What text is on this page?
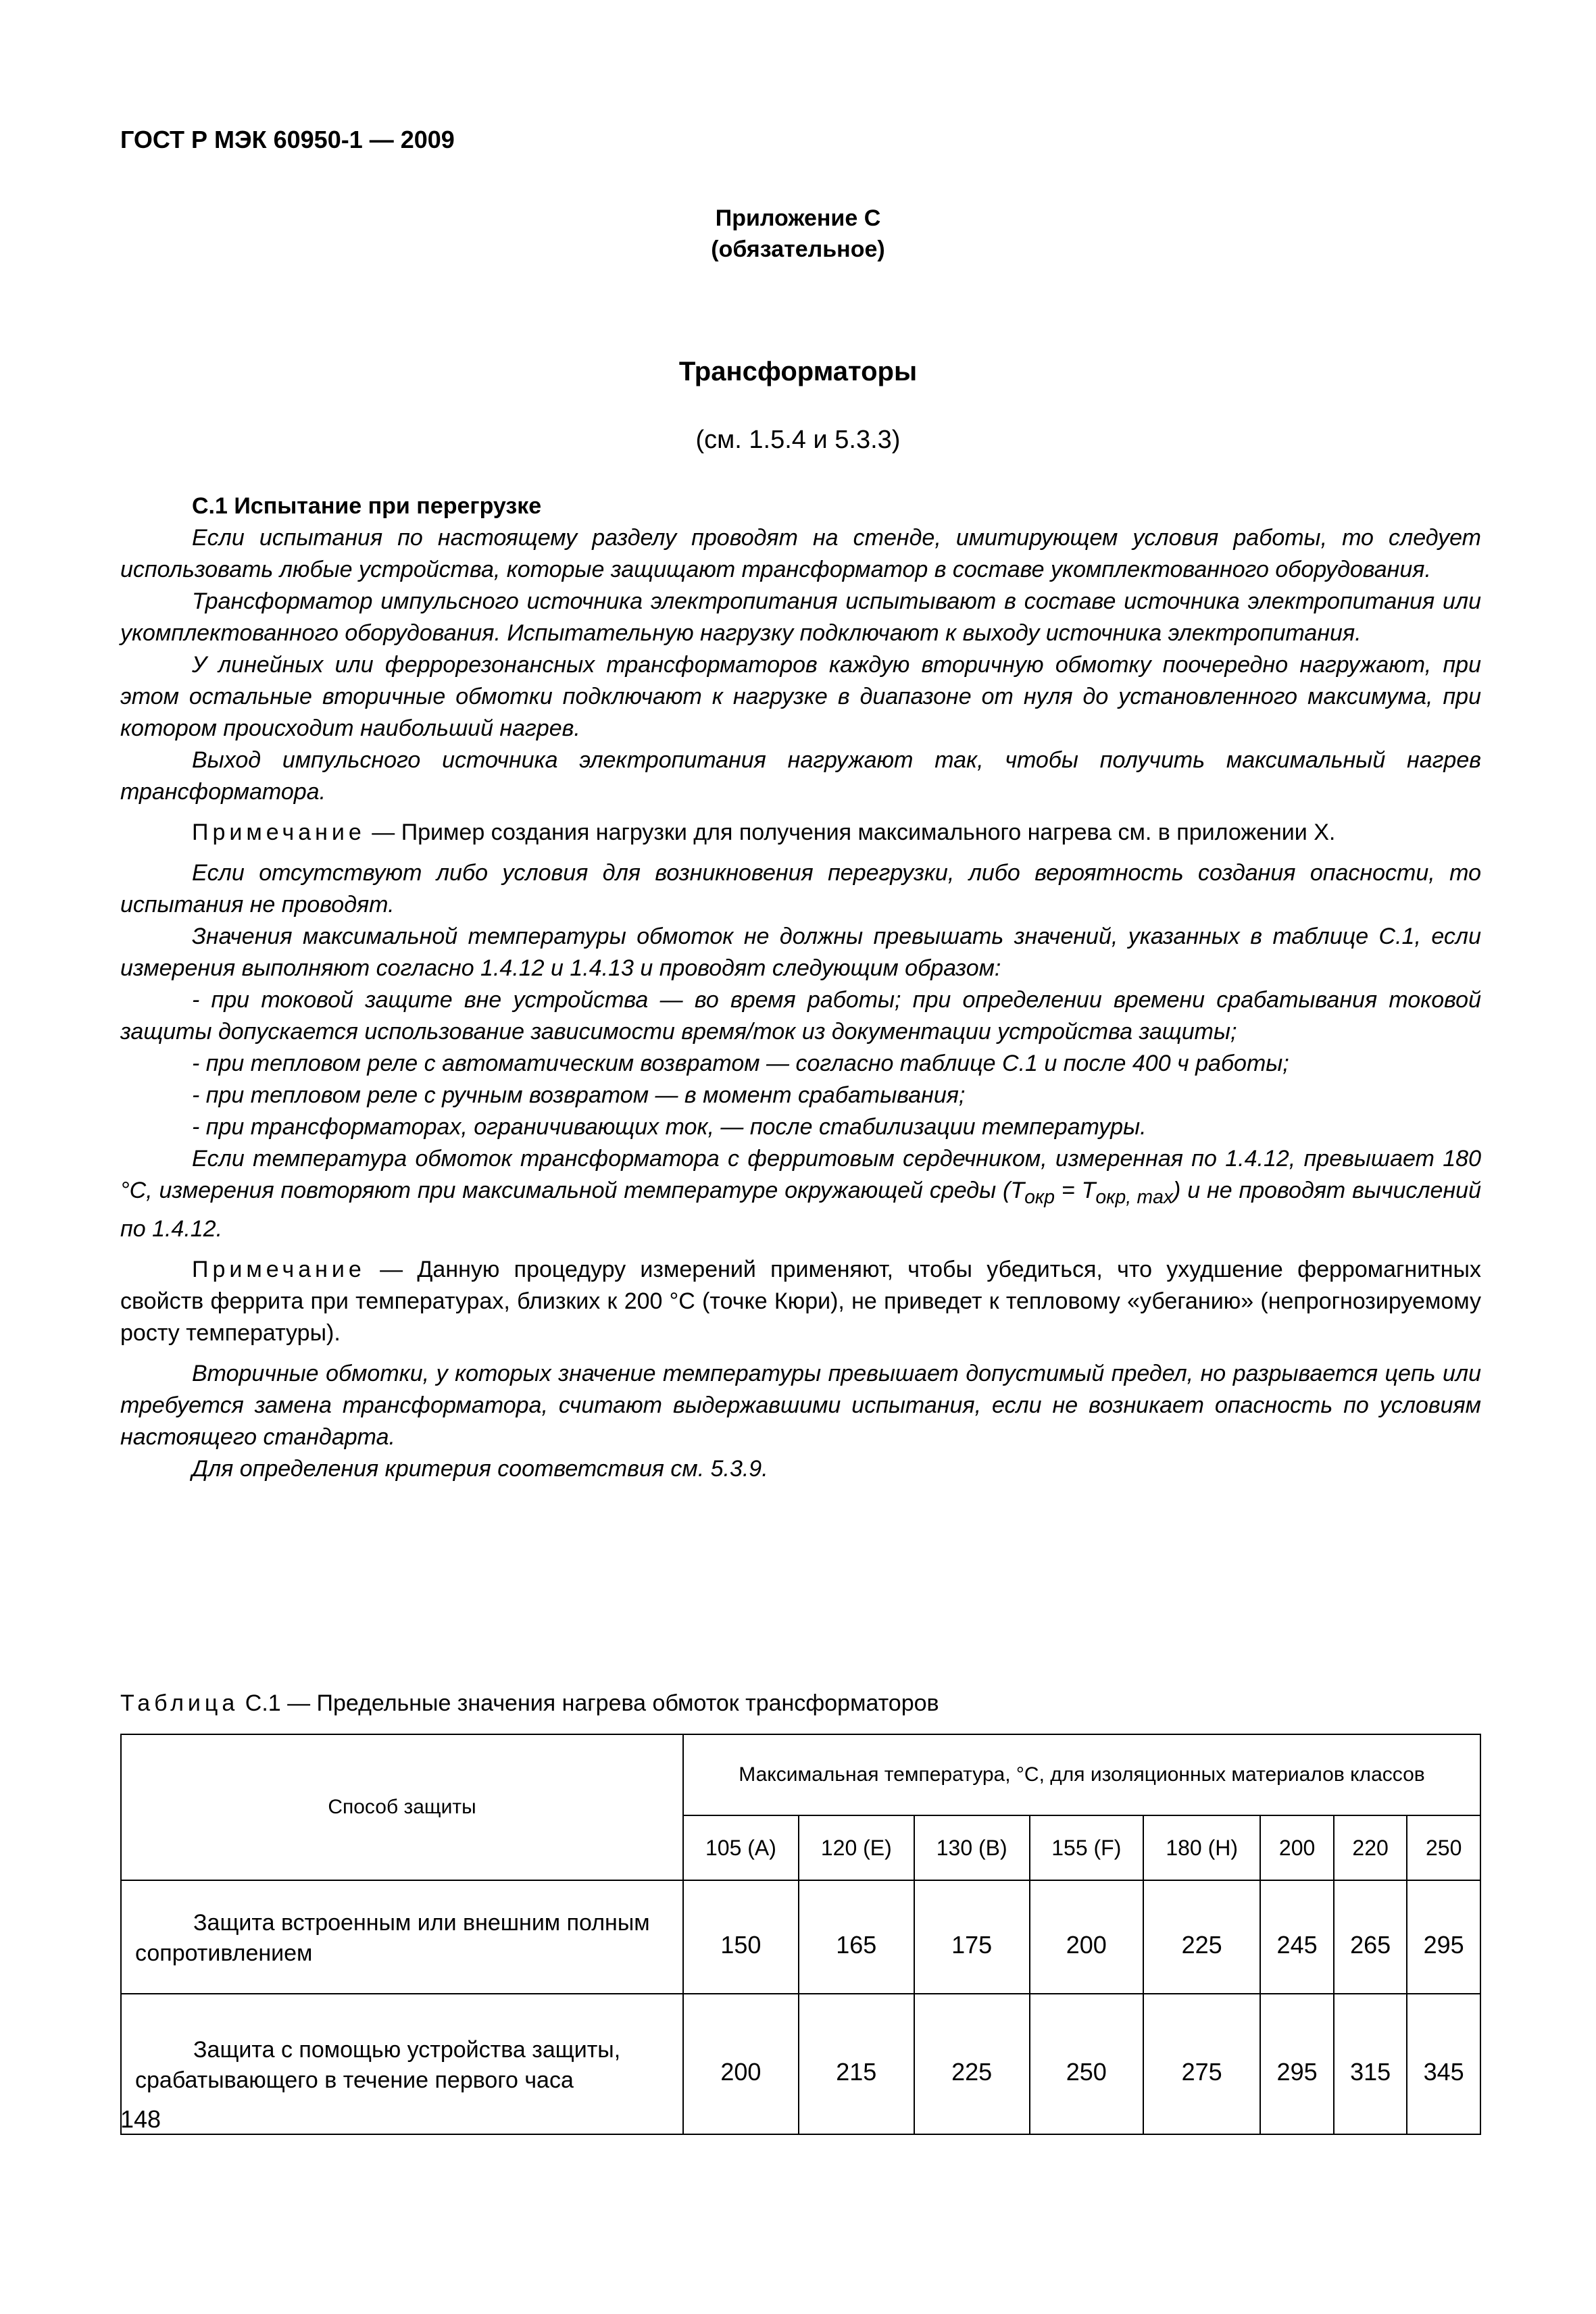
ГОСТ Р МЭК 60950-1 — 2009
Приложение С
(обязательное)
Трансформаторы
(см. 1.5.4 и 5.3.3)

С.1 Испытание при перегрузке

Если испытания по настоящему разделу проводят на стенде, имитирующем условия работы, то следует использовать любые устройства, которые защищают трансформатор в составе укомплектованного оборудования.

Трансформатор импульсного источника электропитания испытывают в составе источника электропитания или укомплектованного оборудования. Испытательную нагрузку подключают к выходу источника электропитания.

У линейных или феррорезонансных трансформаторов каждую вторичную обмотку поочередно нагружают, при этом остальные вторичные обмотки подключают к нагрузке в диапазоне от нуля до установленного максимума, при котором происходит наибольший нагрев.

Выход импульсного источника электропитания нагружают так, чтобы получить максимальный нагрев трансформатора.

Примечание — Пример создания нагрузки для получения максимального нагрева см. в приложении Х.

Если отсутствуют либо условия для возникновения перегрузки, либо вероятность создания опасности, то испытания не проводят.

Значения максимальной температуры обмоток не должны превышать значений, указанных в таблице С.1, если измерения выполняют согласно 1.4.12 и 1.4.13 и проводят следующим образом:

- при токовой защите вне устройства — во время работы; при определении времени срабатывания токовой защиты допускается использование зависимости время/ток из документации устройства защиты;

- при тепловом реле с автоматическим возвратом — согласно таблице С.1 и после 400 ч работы;

- при тепловом реле с ручным возвратом — в момент срабатывания;

- при трансформаторах, ограничивающих ток, — после стабилизации температуры.

Если температура обмоток трансформатора с ферритовым сердечником, измеренная по 1.4.12, превышает 180 °С, измерения повторяют при максимальной температуре окружающей среды $(Т_{окр} = Т_{окр, max})$ и не проводят вычислений по 1.4.12.

Примечание — Данную процедуру измерений применяют, чтобы убедиться, что ухудшение ферромагнитных свойств феррита при температурах, близких к 200 °С (точке Кюри), не приведет к тепловому «убеганию» (непрогнозируемому росту температуры).

Вторичные обмотки, у которых значение температуры превышает допустимый предел, но разрывается цепь или требуется замена трансформатора, считают выдержавшими испытания, если не возникает опасность по условиям настоящего стандарта.

Для определения критерия соответствия см. 5.3.9.

Таблица С.1 — Предельные значения нагрева обмоток трансформаторов
Способ защиты	Максимальная температура, °С, для изоляционных материалов классов							
	105 (А)	120 (Е)	130 (В)	155 (F)	180 (Н)	200	220	250
Защита встроенным или внешним полным сопротивлением	150	165	175	200	225	245	265	295
Защита с помощью устройства защиты, срабатывающего в течение первого часа	200	215	225	250	275	295	315	345
148
